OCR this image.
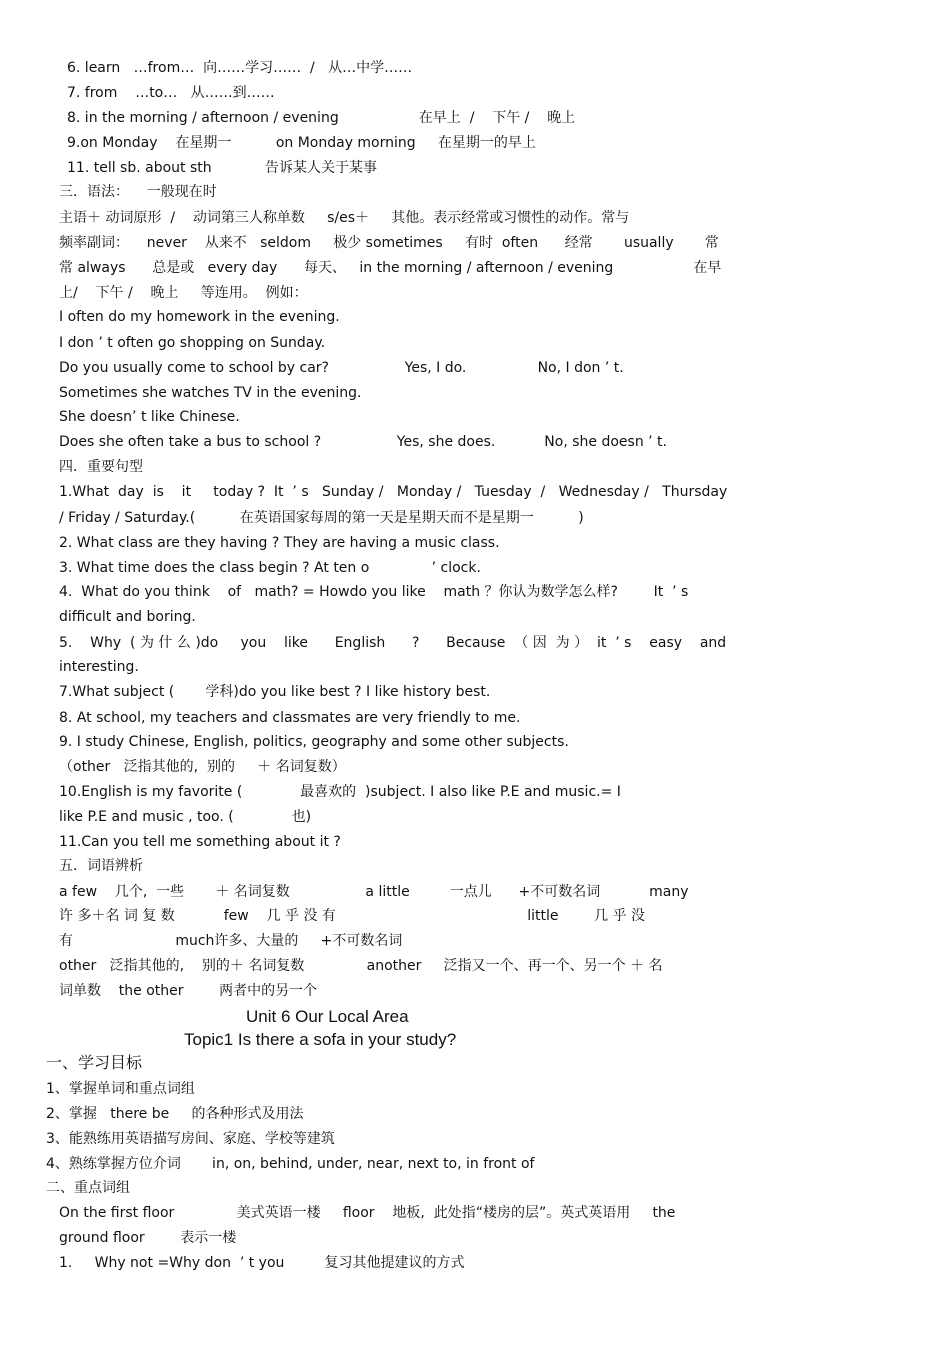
6. learn   …from…  向……学习……  /   从…中学……
7. from    …to…   从……到……
8. in the morning / afternoon / evening                  在早上  /    下午 /    晚上
9.on Monday    在星期一          on Monday morning     在星期一的早上
11. tell sb. about sth            告诉某人关于某事
三．语法：    一般现在时
主语＋ 动词原形  /    动词第三人称单数     s/es＋     其他。表示经常或习惯性的动作。常与
频率副词：    never    从来不   seldom     极少 sometimes     有时  often      经常       usually       常
常 always      总是或   every day      每天、   in the morning / afternoon / evening                  在早
上/    下午 /    晚上     等连用。  例如：
I often do my homework in the evening.
I don ’ t often go shopping on Sunday.
Do you usually come to school by car?                 Yes, I do.                No, I don ’ t.
Sometimes she watches TV in the evening.
She doesn’ t like Chinese.
Does she often take a bus to school ?                 Yes, she does.           No, she doesn ’ t.
四．重要句型
1.What  day  is    it     today ?  It  ’ s   Sunday /   Monday /   Tuesday  /   Wednesday /   Thursday
/ Friday / Saturday.(          在英语国家每周的第一天是星期天而不是星期一          )
2. What class are they having ? They are having a music class.
3. What time does the class begin ? At ten o              ’ clock.
4.  What do you think    of   math? = Howdo you like    math ？你认为数学怎么样?        It  ’ s
difficult and boring.
5.    Why  ( 为 什 么 )do     you    like      English      ?      Because  （ 因  为 ）  it  ’ s    easy    and
interesting.
7.What subject (       学科)do you like best ? I like history best.
8. At school, my teachers and classmates are very friendly to me.
9. I study Chinese, English, politics, geography and some other subjects.
（other   泛指其他的,  别的     ＋ 名词复数）
10.English is my favorite (             最喜欢的  )subject. I also like P.E and music.= I
like P.E and music , too. (             也)
11.Can you tell me something about it ?
五．词语辨析
a few    几个,  一些       ＋ 名词复数                 a little         一点儿      +不可数名词           many
许 多＋名 词 复 数           few    几 乎 没 有                                           little        几 乎 没
有                       much许多、大量的     +不可数名词
other   泛指其他的,    别的＋ 名词复数              another     泛指又一个、再一个、另一个 ＋ 名
词单数    the other        两者中的另一个
Unit 6 Our Local Area
Topic1 Is there a sofa in your study?
一、学习目标
1、掌握单词和重点词组
2、掌握   there be     的各种形式及用法
3、能熟练用英语描写房间、家庭、学校等建筑
4、熟练掌握方位介词       in, on, behind, under, near, next to, in front of
二、重点词组
On the first floor              美式英语一楼     floor    地板,  此处指“楼房的层”。英式英语用     the
ground floor        表示一楼
1.     Why not =Why don  ’ t you         复习其他提建议的方式
